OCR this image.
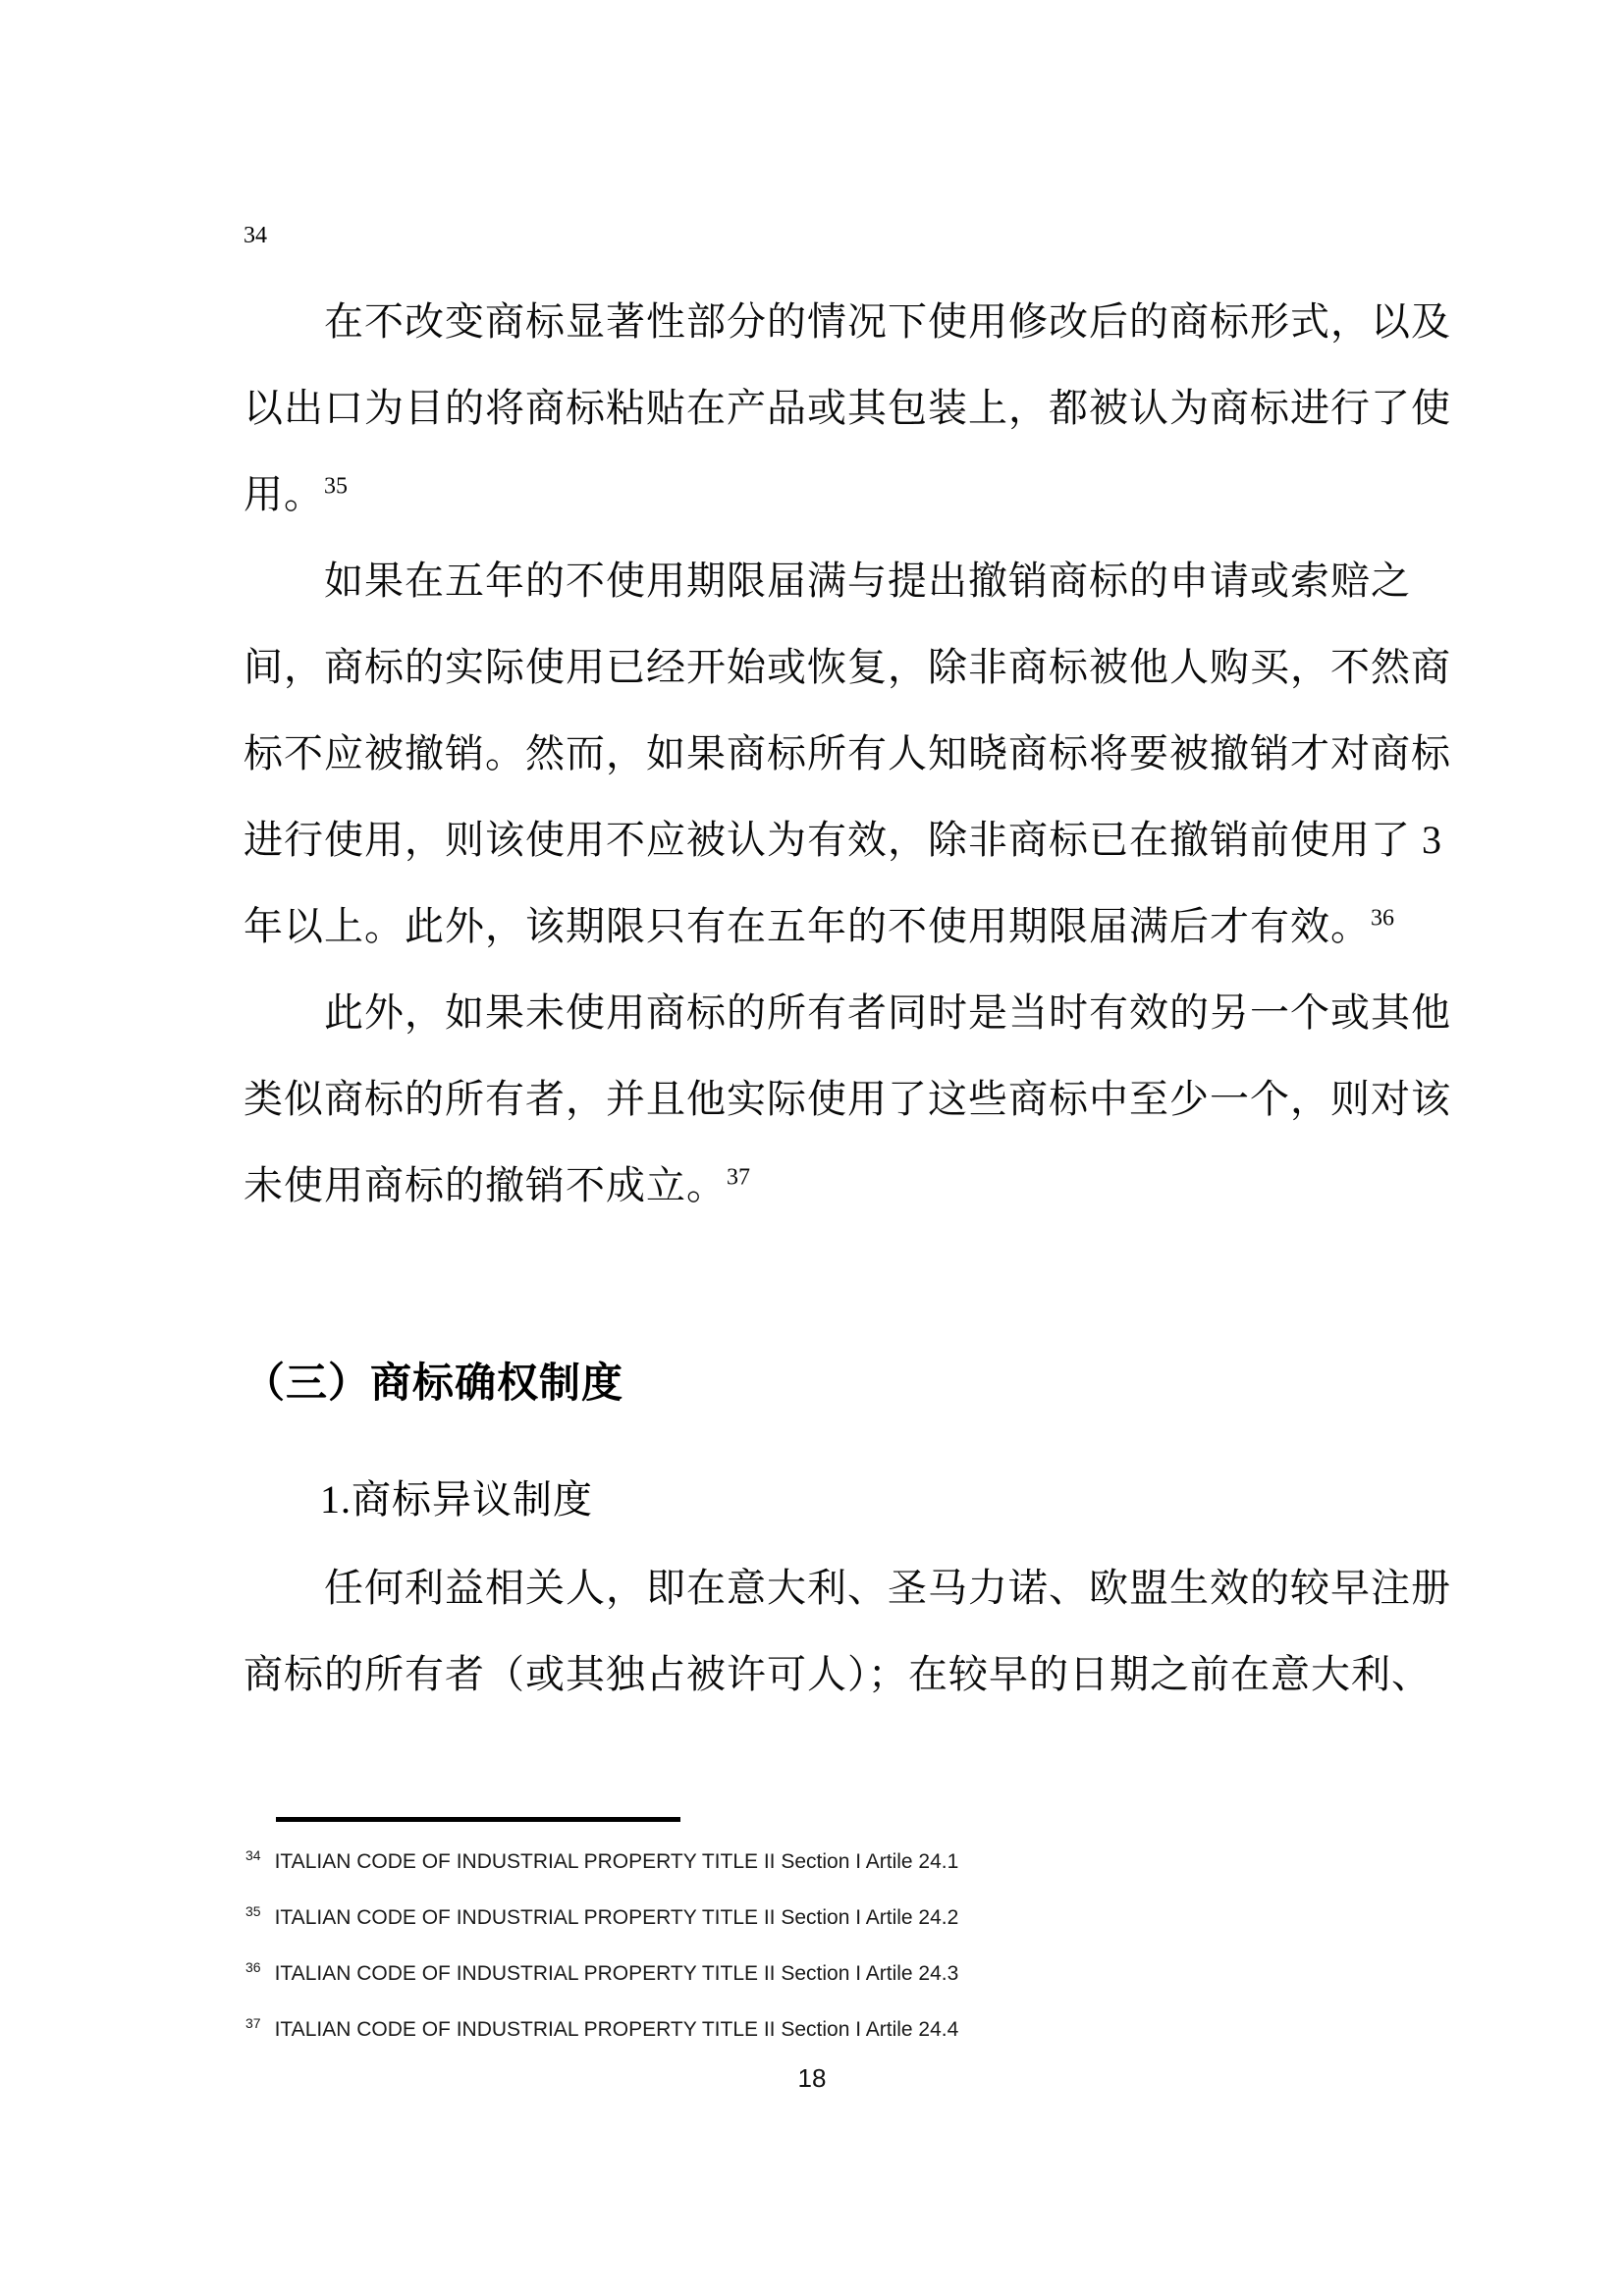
34
在不改变商标显著性部分的情况下使用修改后的商标形式，以及
以出口为目的将商标粘贴在产品或其包装上，都被认为商标进行了使
用。$^{35}$
如果在五年的不使用期限届满与提出撤销商标的申请或索赔之
间，商标的实际使用已经开始或恢复，除非商标被他人购买，不然商
标不应被撤销。然而，如果商标所有人知晓商标将要被撤销才对商标
进行使用，则该使用不应被认为有效，除非商标已在撤销前使用了 3
年以上。此外，该期限只有在五年的不使用期限届满后才有效。$^{36}$
此外，如果未使用商标的所有者同时是当时有效的另一个或其他
类似商标的所有者，并且他实际使用了这些商标中至少一个，则对该
未使用商标的撤销不成立。$^{37}$
（三）商标确权制度
1.商标异议制度
任何利益相关人，即在意大利、圣马力诺、欧盟生效的较早注册
商标的所有者（或其独占被许可人）；在较早的日期之前在意大利、
$^{34}$ ITALIAN CODE OF INDUSTRIAL PROPERTY TITLE II Section I Artile 24.1
$^{35}$ ITALIAN CODE OF INDUSTRIAL PROPERTY TITLE II Section I Artile 24.2
$^{36}$ ITALIAN CODE OF INDUSTRIAL PROPERTY TITLE II Section I Artile 24.3
$^{37}$ ITALIAN CODE OF INDUSTRIAL PROPERTY TITLE II Section I Artile 24.4
18
